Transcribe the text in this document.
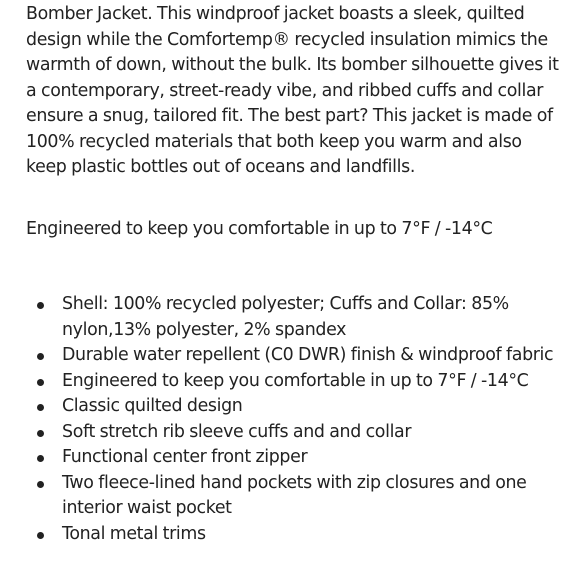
Bomber Jacket. This windproof jacket boasts a sleek, quilted design while the Comfortemp® recycled insulation mimics the warmth of down, without the bulk. Its bomber silhouette gives it a contemporary, street-ready vibe, and ribbed cuffs and collar ensure a snug, tailored fit. The best part? This jacket is made of 100% recycled materials that both keep you warm and also keep plastic bottles out of oceans and landfills.

Engineered to keep you comfortable in up to 7°F / -14°C

Shell: 100% recycled polyester; Cuffs and Collar: 85% nylon,13% polyester, 2% spandex
Durable water repellent (C0 DWR) finish & windproof fabric
Engineered to keep you comfortable in up to 7°F / -14°C
Classic quilted design
Soft stretch rib sleeve cuffs and and collar
Functional center front zipper
Two fleece-lined hand pockets with zip closures and one interior waist pocket
Tonal metal trims
